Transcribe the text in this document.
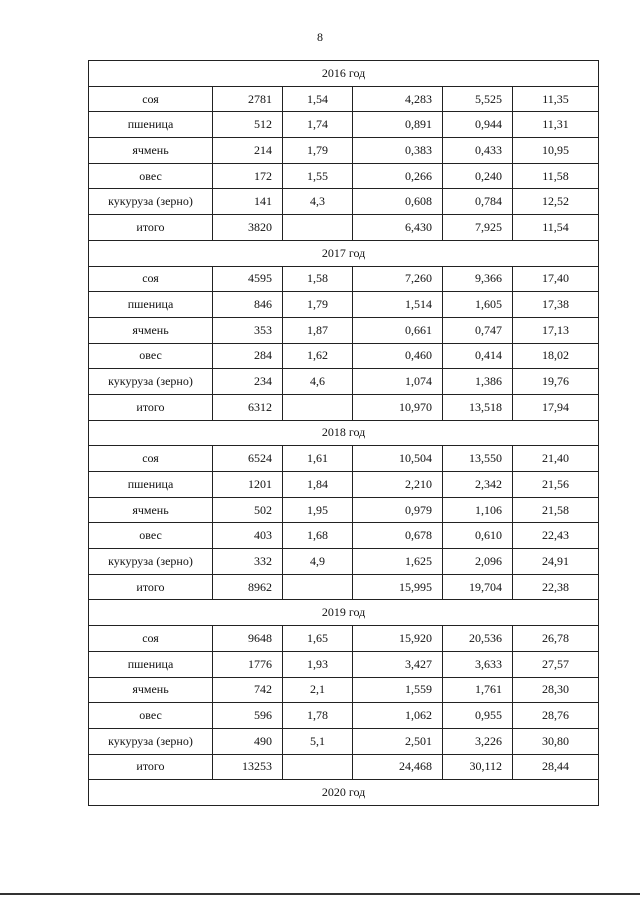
8
2016 год					
соя	2781	1,54	4,283	5,525	11,35
пшеница	512	1,74	0,891	0,944	11,31
ячмень	214	1,79	0,383	0,433	10,95
овес	172	1,55	0,266	0,240	11,58
кукуруза (зерно)	141	4,3	0,608	0,784	12,52
итого	3820		6,430	7,925	11,54
2017 год					
соя	4595	1,58	7,260	9,366	17,40
пшеница	846	1,79	1,514	1,605	17,38
ячмень	353	1,87	0,661	0,747	17,13
овес	284	1,62	0,460	0,414	18,02
кукуруза (зерно)	234	4,6	1,074	1,386	19,76
итого	6312		10,970	13,518	17,94
2018 год					
соя	6524	1,61	10,504	13,550	21,40
пшеница	1201	1,84	2,210	2,342	21,56
ячмень	502	1,95	0,979	1,106	21,58
овес	403	1,68	0,678	0,610	22,43
кукуруза (зерно)	332	4,9	1,625	2,096	24,91
итого	8962		15,995	19,704	22,38
2019 год					
соя	9648	1,65	15,920	20,536	26,78
пшеница	1776	1,93	3,427	3,633	27,57
ячмень	742	2,1	1,559	1,761	28,30
овес	596	1,78	1,062	0,955	28,76
кукуруза (зерно)	490	5,1	2,501	3,226	30,80
итого	13253		24,468	30,112	28,44
2020 год					
